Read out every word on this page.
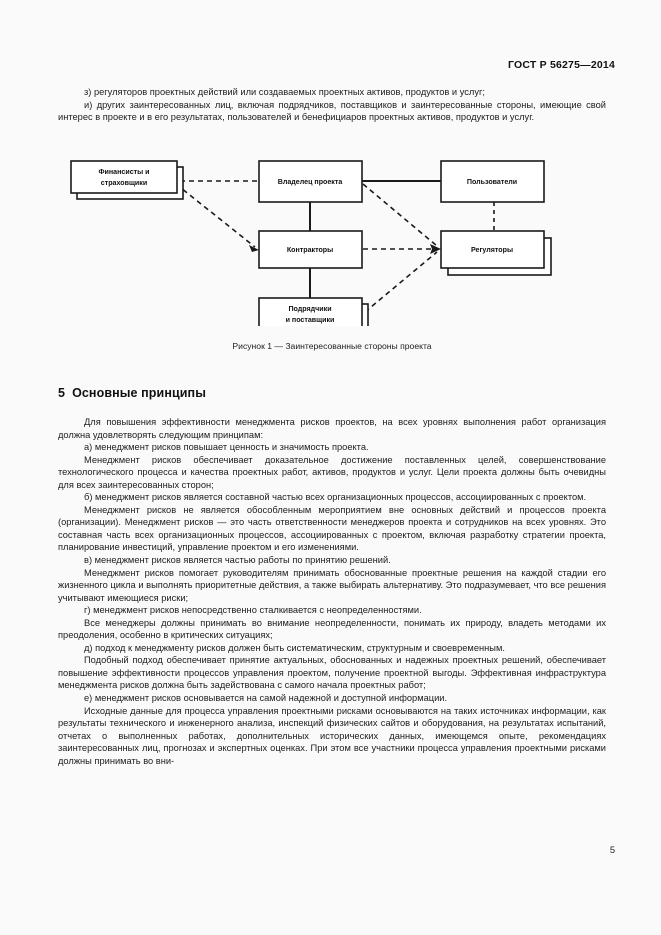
ГОСТ Р 56275—2014

з) регуляторов проектных действий или создаваемых проектных активов, продуктов и услуг;

и) других заинтересованных лиц, включая подрядчиков, поставщиков и заинтересованные стороны, имеющие свой интерес в проекте и в его результатах, пользователей и бенефициаров проектных активов, продуктов и услуг.

Финансисты и
страховщики	Владелец проекта	Пользователи
Контракторы	Регуляторы
Подрядчики
и поставщики
Рисунок 1 — Заинтересованные стороны проекта
5 Основные принципы

Для повышения эффективности менеджмента рисков проектов, на всех уровнях выполнения работ организация должна удовлетворять следующим принципам:

а) менеджмент рисков повышает ценность и значимость проекта.

Менеджмент рисков обеспечивает доказательное достижение поставленных целей, совершенствование технологического процесса и качества проектных работ, активов, продуктов и услуг. Цели проекта должны быть очевидны для всех заинтересованных сторон;

б) менеджмент рисков является составной частью всех организационных процессов, ассоциированных с проектом.

Менеджмент рисков не является обособленным мероприятием вне основных действий и процессов проекта (организации). Менеджмент рисков — это часть ответственности менеджеров проекта и сотрудников на всех уровнях. Это составная часть всех организационных процессов, ассоциированных с проектом, включая разработку стратегии проекта, планирование инвестиций, управление проектом и его изменениями.

в) менеджмент рисков является частью работы по принятию решений.

Менеджмент рисков помогает руководителям принимать обоснованные проектные решения на каждой стадии его жизненного цикла и выполнять приоритетные действия, а также выбирать альтернативу. Это подразумевает, что все решения учитывают имеющиеся риски;

г) менеджмент рисков непосредственно сталкивается с неопределенностями.

Все менеджеры должны принимать во внимание неопределенности, понимать их природу, владеть методами их преодоления, особенно в критических ситуациях;

д) подход к менеджменту рисков должен быть систематическим, структурным и своевременным.

Подобный подход обеспечивает принятие актуальных, обоснованных и надежных проектных решений, обеспечивает повышение эффективности процессов управления проектом, получение проектной выгоды. Эффективная инфраструктура менеджмента рисков должна быть задействована с самого начала проектных работ;

е) менеджмент рисков основывается на самой надежной и доступной информации.

Исходные данные для процесса управления проектными рисками основываются на таких источниках информации, как результаты технического и инженерного анализа, инспекций физических сайтов и оборудования, на результатах испытаний, отчетах о выполненных работах, дополнительных исторических данных, имеющемся опыте, рекомендациях заинтересованных лиц, прогнозах и экспертных оценках. При этом все участники процесса управления проектными рисками должны принимать во вни-

5
